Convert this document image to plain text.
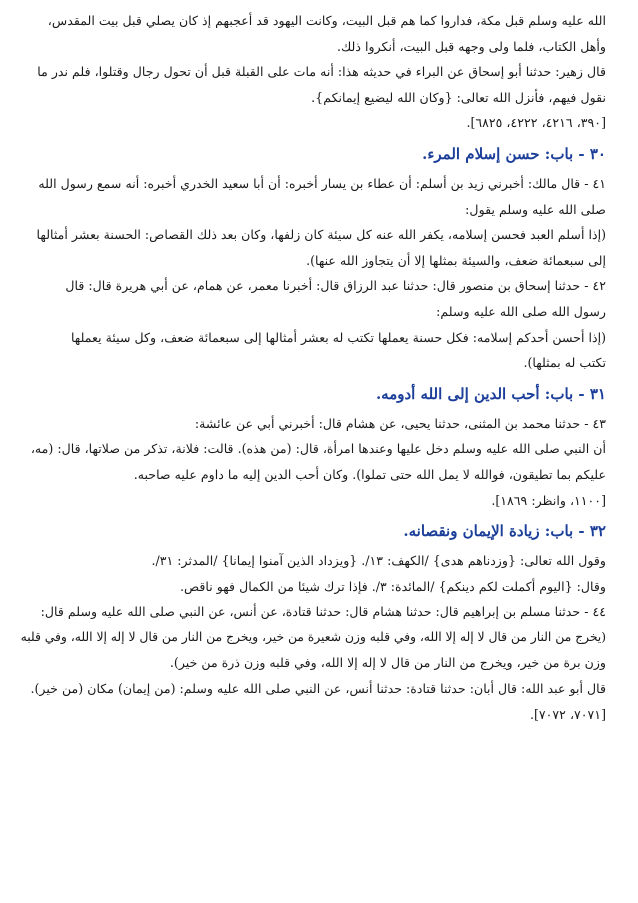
الله عليه وسلم قبل مكة، فداروا كما هم قبل البيت، وكانت اليهود قد أعجبهم إذ كان يصلي قبل بيت المقدس،
وأهل الكتاب، فلما ولى وجهه قبل البيت، أنكروا ذلك.
قال زهير: حدثنا أبو إسحاق عن البراء في حديثه هذا: أنه مات على القبلة قبل أن تحول رجال وقتلوا، فلم ندر ما
نقول فيهم، فأنزل الله تعالى: {وكان الله ليضيع إيمانكم}.
[٣٩٠، ٤٢١٦، ٤٢٢٢، ٦٨٢٥].
٣٠ - باب: حسن إسلام المرء.
٤١ - قال مالك: أخبرني زيد بن أسلم: أن عطاء بن يسار أخبره: أن أبا سعيد الخدري أخبره: أنه سمع رسول الله
صلى الله عليه وسلم يقول:
(إذا أسلم العبد فحسن إسلامه، يكفر الله عنه كل سيئة كان زلفها، وكان بعد ذلك القصاص: الحسنة بعشر أمثالها
إلى سبعمائة ضعف، والسيئة بمثلها إلا أن يتجاوز الله عنها).
٤٢ - حدثنا إسحاق بن منصور قال: حدثنا عبد الرزاق قال: أخبرنا معمر، عن همام، عن أبي هريرة قال: قال
رسول الله صلى الله عليه وسلم:
(إذا أحسن أحدكم إسلامه: فكل حسنة يعملها تكتب له بعشر أمثالها إلى سبعمائة ضعف، وكل سيئة يعملها
تكتب له بمثلها).
٣١ - باب: أحب الدين إلى الله أدومه.
٤٣ - حدثنا محمد بن المثنى، حدثنا يحيى، عن هشام قال: أخبرني أبي عن عائشة:
أن النبي صلى الله عليه وسلم دخل عليها وعندها امرأة، قال: (من هذه). قالت: فلانة، تذكر من صلاتها، قال: (مه،
عليكم بما تطيقون، فوالله لا يمل الله حتى تملوا). وكان أحب الدين إليه ما داوم عليه صاحبه.
[١١٠٠، وانظر: ١٨٦٩].
٣٢ - باب: زيادة الإيمان ونقصانه.
وقول الله تعالى: {وزدناهم هدى} /الكهف: ١٣/. {ويزداد الذين آمنوا إيمانا} /المدثر: ٣١/.
وقال: {اليوم أكملت لكم دينكم} /المائدة: ٣/. فإذا ترك شيئا من الكمال فهو ناقص.
٤٤ - حدثنا مسلم بن إبراهيم قال: حدثنا هشام قال: حدثنا قتادة، عن أنس، عن النبي صلى الله عليه وسلم قال:
(يخرج من النار من قال لا إله إلا الله، وفي قلبه وزن شعيرة من خير، ويخرج من النار من قال لا إله إلا الله، وفي قلبه
وزن برة من خير، ويخرج من النار من قال لا إله إلا الله، وفي قلبه وزن ذرة من خير).
قال أبو عبد الله: قال أبان: حدثنا قتادة: حدثنا أنس، عن النبي صلى الله عليه وسلم: (من إيمان) مكان (من خير).
[٧٠٧١، ٧٠٧٢].
